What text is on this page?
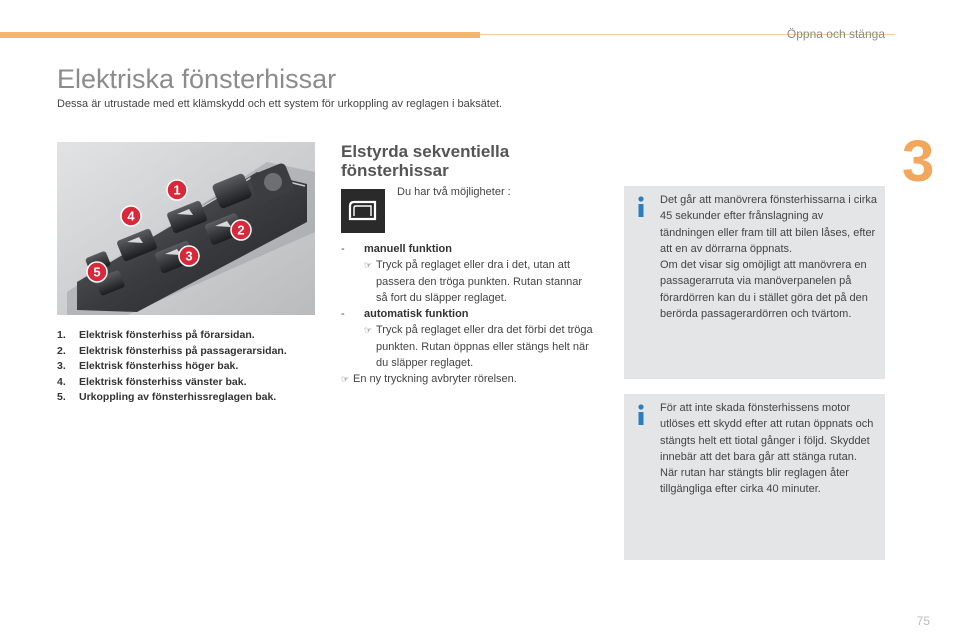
Öppna och stänga
3
Elektriska fönsterhissar
Dessa är utrustade med ett klämskydd och ett system för urkoppling av reglagen i baksätet.
1
2
3
4
5
1.	Elektrisk fönsterhiss på förarsidan.
2.	Elektrisk fönsterhiss på passagerarsidan.
3.	Elektrisk fönsterhiss höger bak.
4.	Elektrisk fönsterhiss vänster bak.
5.	Urkoppling av fönsterhissreglagen bak.
Elstyrda sekventiella fönsterhissar
Du har två möjligheter :
-	manuell funktion
☞ Tryck på reglaget eller dra i det, utan att passera den tröga punkten. Rutan stannar så fort du släpper reglaget.
-	automatisk funktion
☞ Tryck på reglaget eller dra det förbi det tröga punkten. Rutan öppnas eller stängs helt när du släpper reglaget.
☞ En ny tryckning avbryter rörelsen.
Det går att manövrera fönsterhissarna i cirka 45 sekunder efter frånslagning av tändningen eller fram till att bilen låses, efter att en av dörrarna öppnats.
Om det visar sig omöjligt att manövrera en passagerarruta via manöverpanelen på förardörren kan du i stället göra det på den berörda passagerardörren och tvärtom.
För att inte skada fönsterhissens motor utlöses ett skydd efter att rutan öppnats och stängts helt ett tiotal gånger i följd. Skyddet innebär att det bara går att stänga rutan.
När rutan har stängts blir reglagen åter tillgängliga efter cirka 40 minuter.
75
